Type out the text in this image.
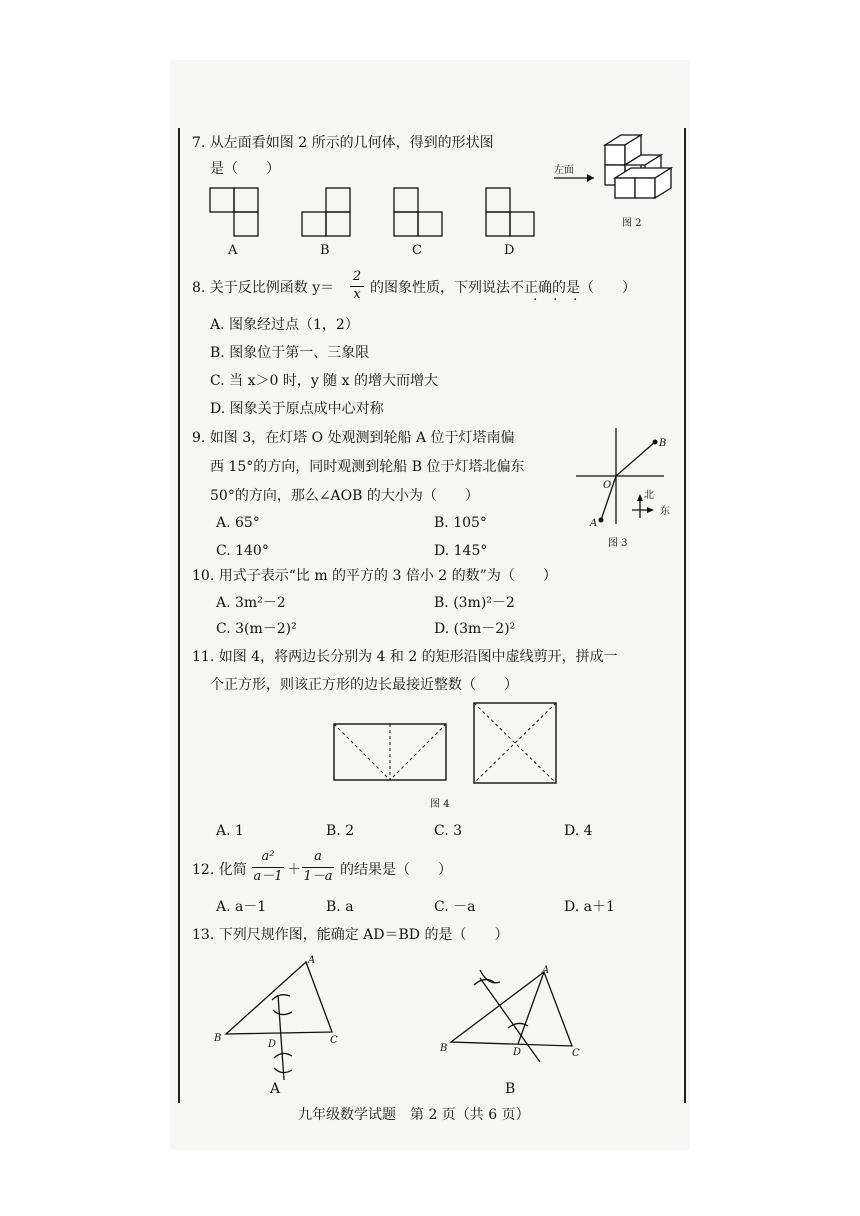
7. 从左面看如图 2 所示的几何体，得到的形状图
是（　　）
A	B	C	D
左面
图 2
8. 关于反比例函数 y＝
2
x 的图象性质，下列说法不正确的是（　　）
· · ·
A. 图象经过点（1，2）
B. 图象位于第一、三象限
C. 当 x＞0 时，y 随 x 的增大而增大
D. 图象关于原点成中心对称
9. 如图 3，在灯塔 O 处观测到轮船 A 位于灯塔南偏
西 15°的方向，同时观测到轮船 B 位于灯塔北偏东
50°的方向，那么∠AOB 的大小为（　　）
A. 65°	B. 105°
C. 140°	D. 145°
B
O
A
北
东
图 3
10. 用式子表示“比 m 的平方的 3 倍小 2 的数”为（　　）
A. 3m²－2	B. (3m)²－2
C. 3(m－2)²	D. (3m－2)²
11. 如图 4，将两边长分别为 4 和 2 的矩形沿图中虚线剪开，拼成一
个正方形，则该正方形的边长最接近整数（　　）
图 4
A. 1	B. 2	C. 3	D. 4
12. 化简
a²
a－1 ＋
a
1－a 的结果是（　　）
A. a－1	B. a	C. －a	D. a＋1
13. 下列尺规作图，能确定 AD＝BD 的是（　　）
A
B	C
D
A
A
B	C
D
B
九年级数学试题　第 2 页（共 6 页）
